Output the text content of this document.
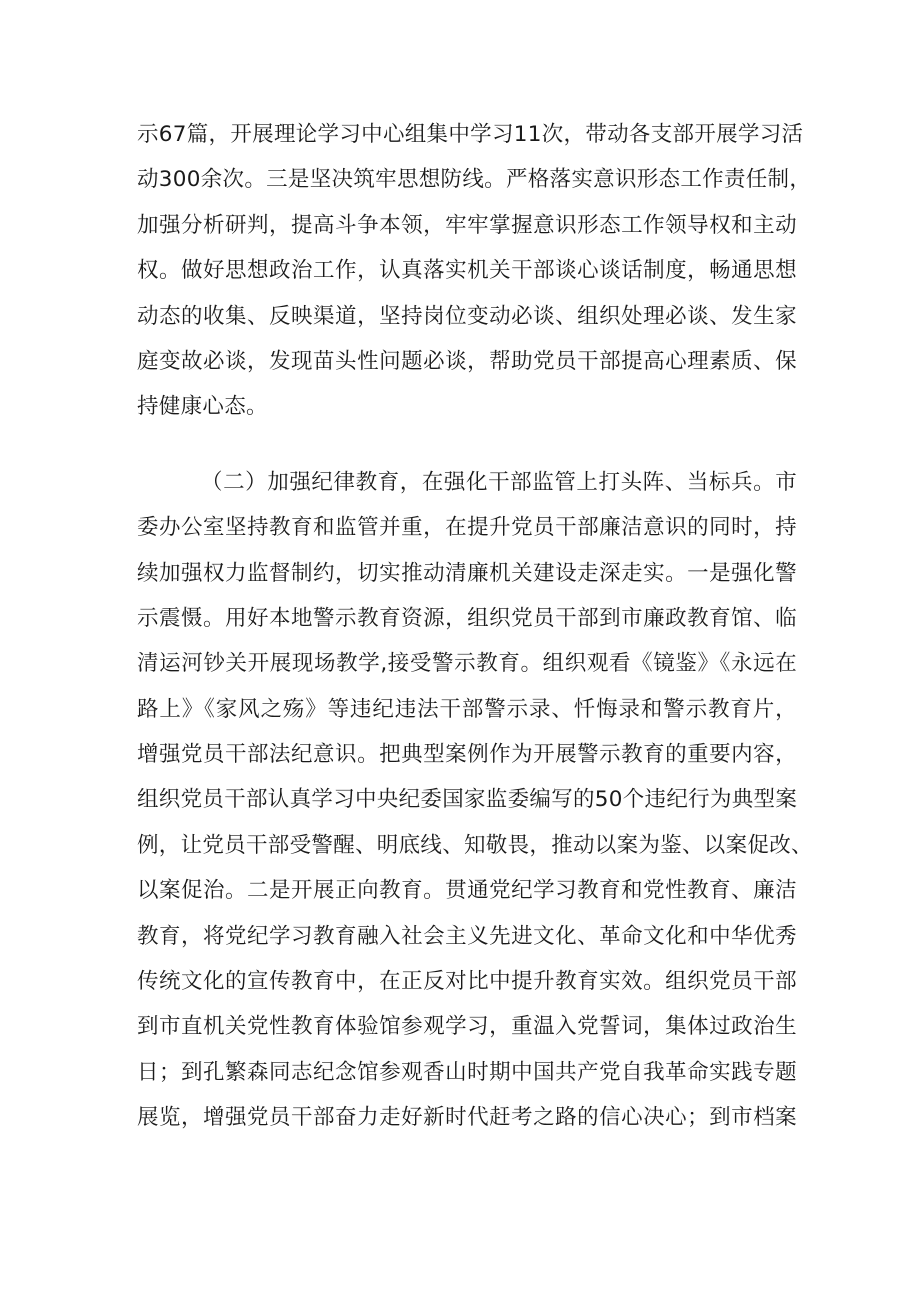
示67篇，开展理论学习中心组集中学习11次，带动各支部开展学习活
动300余次。三是坚决筑牢思想防线。严格落实意识形态工作责任制，
加强分析研判，提高斗争本领，牢牢掌握意识形态工作领导权和主动
权。做好思想政治工作，认真落实机关干部谈心谈话制度，畅通思想
动态的收集、反映渠道，坚持岗位变动必谈、组织处理必谈、发生家
庭变故必谈，发现苗头性问题必谈，帮助党员干部提高心理素质、保
持健康心态。
（二）加强纪律教育，在强化干部监管上打头阵、当标兵。市
委办公室坚持教育和监管并重，在提升党员干部廉洁意识的同时，持
续加强权力监督制约，切实推动清廉机关建设走深走实。一是强化警
示震慑。用好本地警示教育资源，组织党员干部到市廉政教育馆、临
清运河钞关开展现场教学,接受警示教育。组织观看《镜鉴》《永远在
路上》《家风之殇》等违纪违法干部警示录、忏悔录和警示教育片，
增强党员干部法纪意识。把典型案例作为开展警示教育的重要内容，
组织党员干部认真学习中央纪委国家监委编写的50个违纪行为典型案
例，让党员干部受警醒、明底线、知敬畏，推动以案为鉴、以案促改、
以案促治。二是开展正向教育。贯通党纪学习教育和党性教育、廉洁
教育，将党纪学习教育融入社会主义先进文化、革命文化和中华优秀
传统文化的宣传教育中，在正反对比中提升教育实效。组织党员干部
到市直机关党性教育体验馆参观学习，重温入党誓词，集体过政治生
日；到孔繁森同志纪念馆参观香山时期中国共产党自我革命实践专题
展览，增强党员干部奋力走好新时代赶考之路的信心决心；到市档案
